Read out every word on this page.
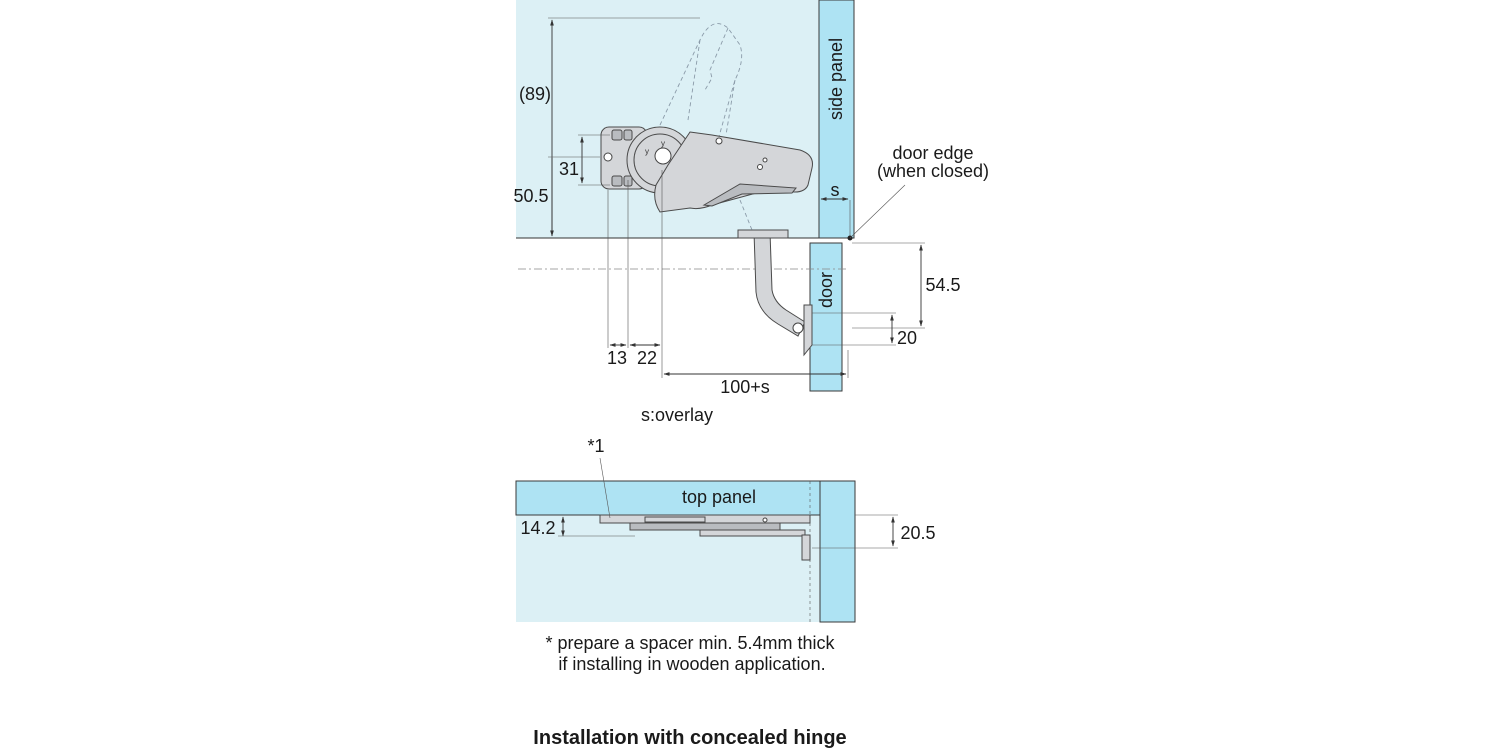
side panel
door
y
y	door edge
(when closed)
(89)
31
50.5	s
54.5
20
13 22
100+s
s:overlay
top panel
*1
14.2	20.5
* prepare a spacer min. 5.4mm thick
if installing in wooden application.
Installation with concealed hinge
